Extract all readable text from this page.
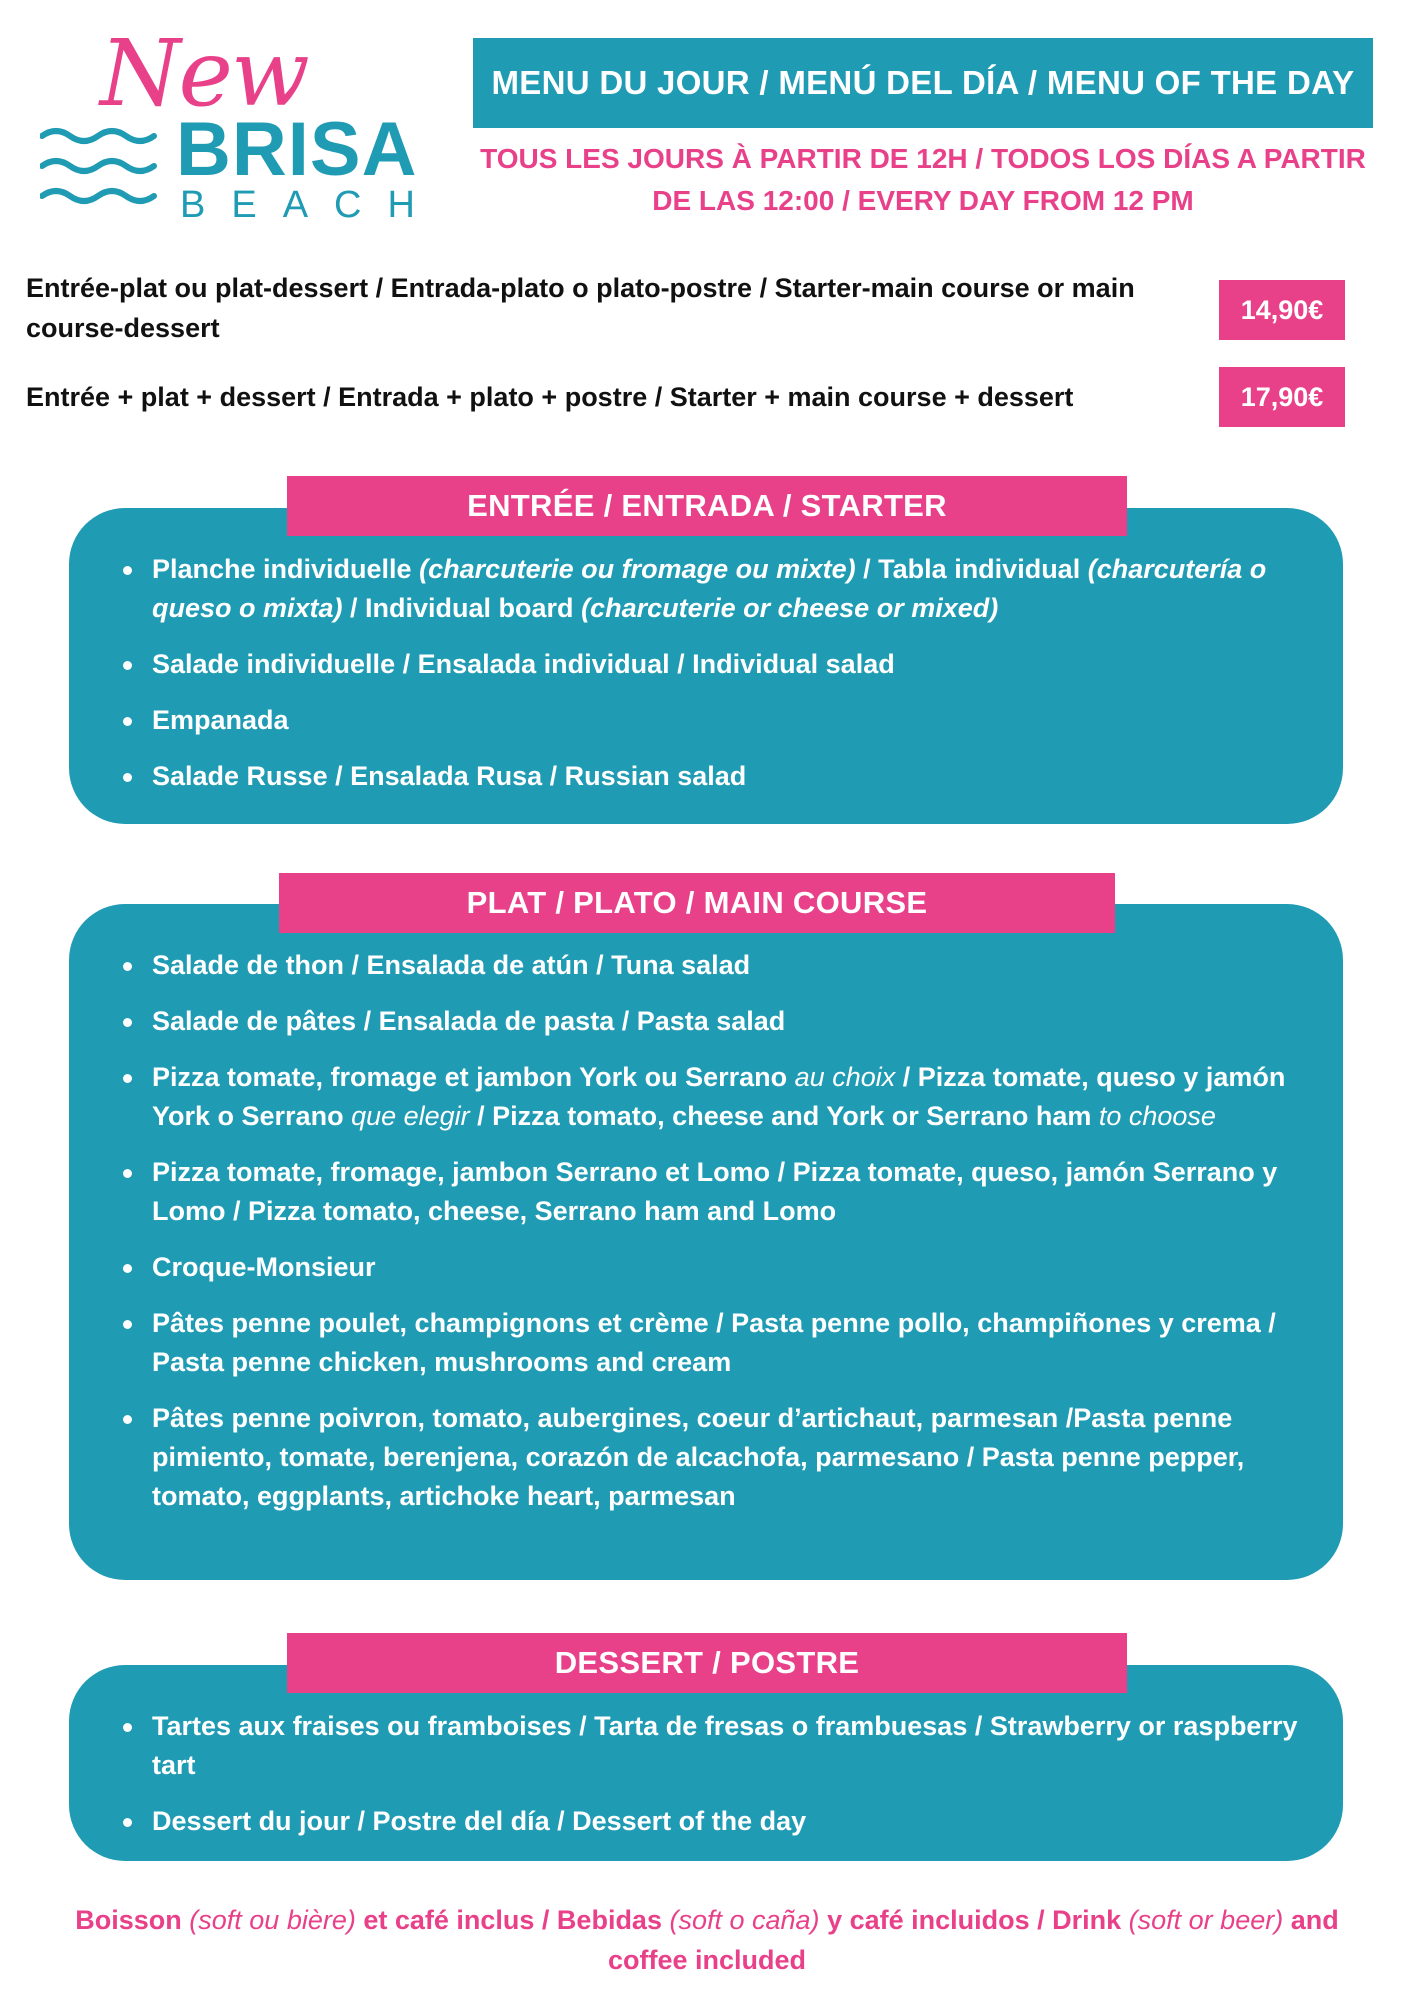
New
BRISA
BEACH
MENU DU JOUR / MENÚ DEL DÍA / MENU OF THE DAY
TOUS LES JOURS À PARTIR DE 12H / TODOS LOS DÍAS A PARTIR DE LAS 12:00 / EVERY DAY FROM 12 PM
Entrée-plat ou plat-dessert / Entrada-plato o plato-postre / Starter-main course or main course-dessert
14,90€
Entrée + plat + dessert / Entrada + plato + postre / Starter + main course + dessert	17,90€
Planche individuelle (charcuterie ou fromage ou mixte) / Tabla individual (charcutería o queso o mixta) / Individual board (charcuterie or cheese or mixed)
Salade individuelle / Ensalada individual / Individual salad
Empanada
Salade Russe / Ensalada Rusa / Russian salad
ENTRÉE / ENTRADA / STARTER
Salade de thon / Ensalada de atún / Tuna salad
Salade de pâtes / Ensalada de pasta / Pasta salad
Pizza tomate, fromage et jambon York ou Serrano au choix / Pizza tomate, queso y jamón York o Serrano que elegir / Pizza tomato, cheese and York or Serrano ham to choose
Pizza tomate, fromage, jambon Serrano et Lomo / Pizza tomate, queso, jamón Serrano y Lomo / Pizza tomato, cheese, Serrano ham and Lomo
Croque-Monsieur
Pâtes penne poulet, champignons et crème / Pasta penne pollo, champiñones y crema / Pasta penne chicken, mushrooms and cream
Pâtes penne poivron, tomato, aubergines, coeur d’artichaut, parmesan /Pasta penne pimiento, tomate, berenjena, corazón de alcachofa, parmesano / Pasta penne pepper, tomato, eggplants, artichoke heart, parmesan
PLAT / PLATO / MAIN COURSE
Tartes aux fraises ou framboises / Tarta de fresas o frambuesas / Strawberry or raspberry tart
Dessert du jour / Postre del día / Dessert of the day
DESSERT / POSTRE
Boisson (soft ou bière) et café inclus / Bebidas (soft o caña) y café incluidos / Drink (soft or beer) and coffee included
